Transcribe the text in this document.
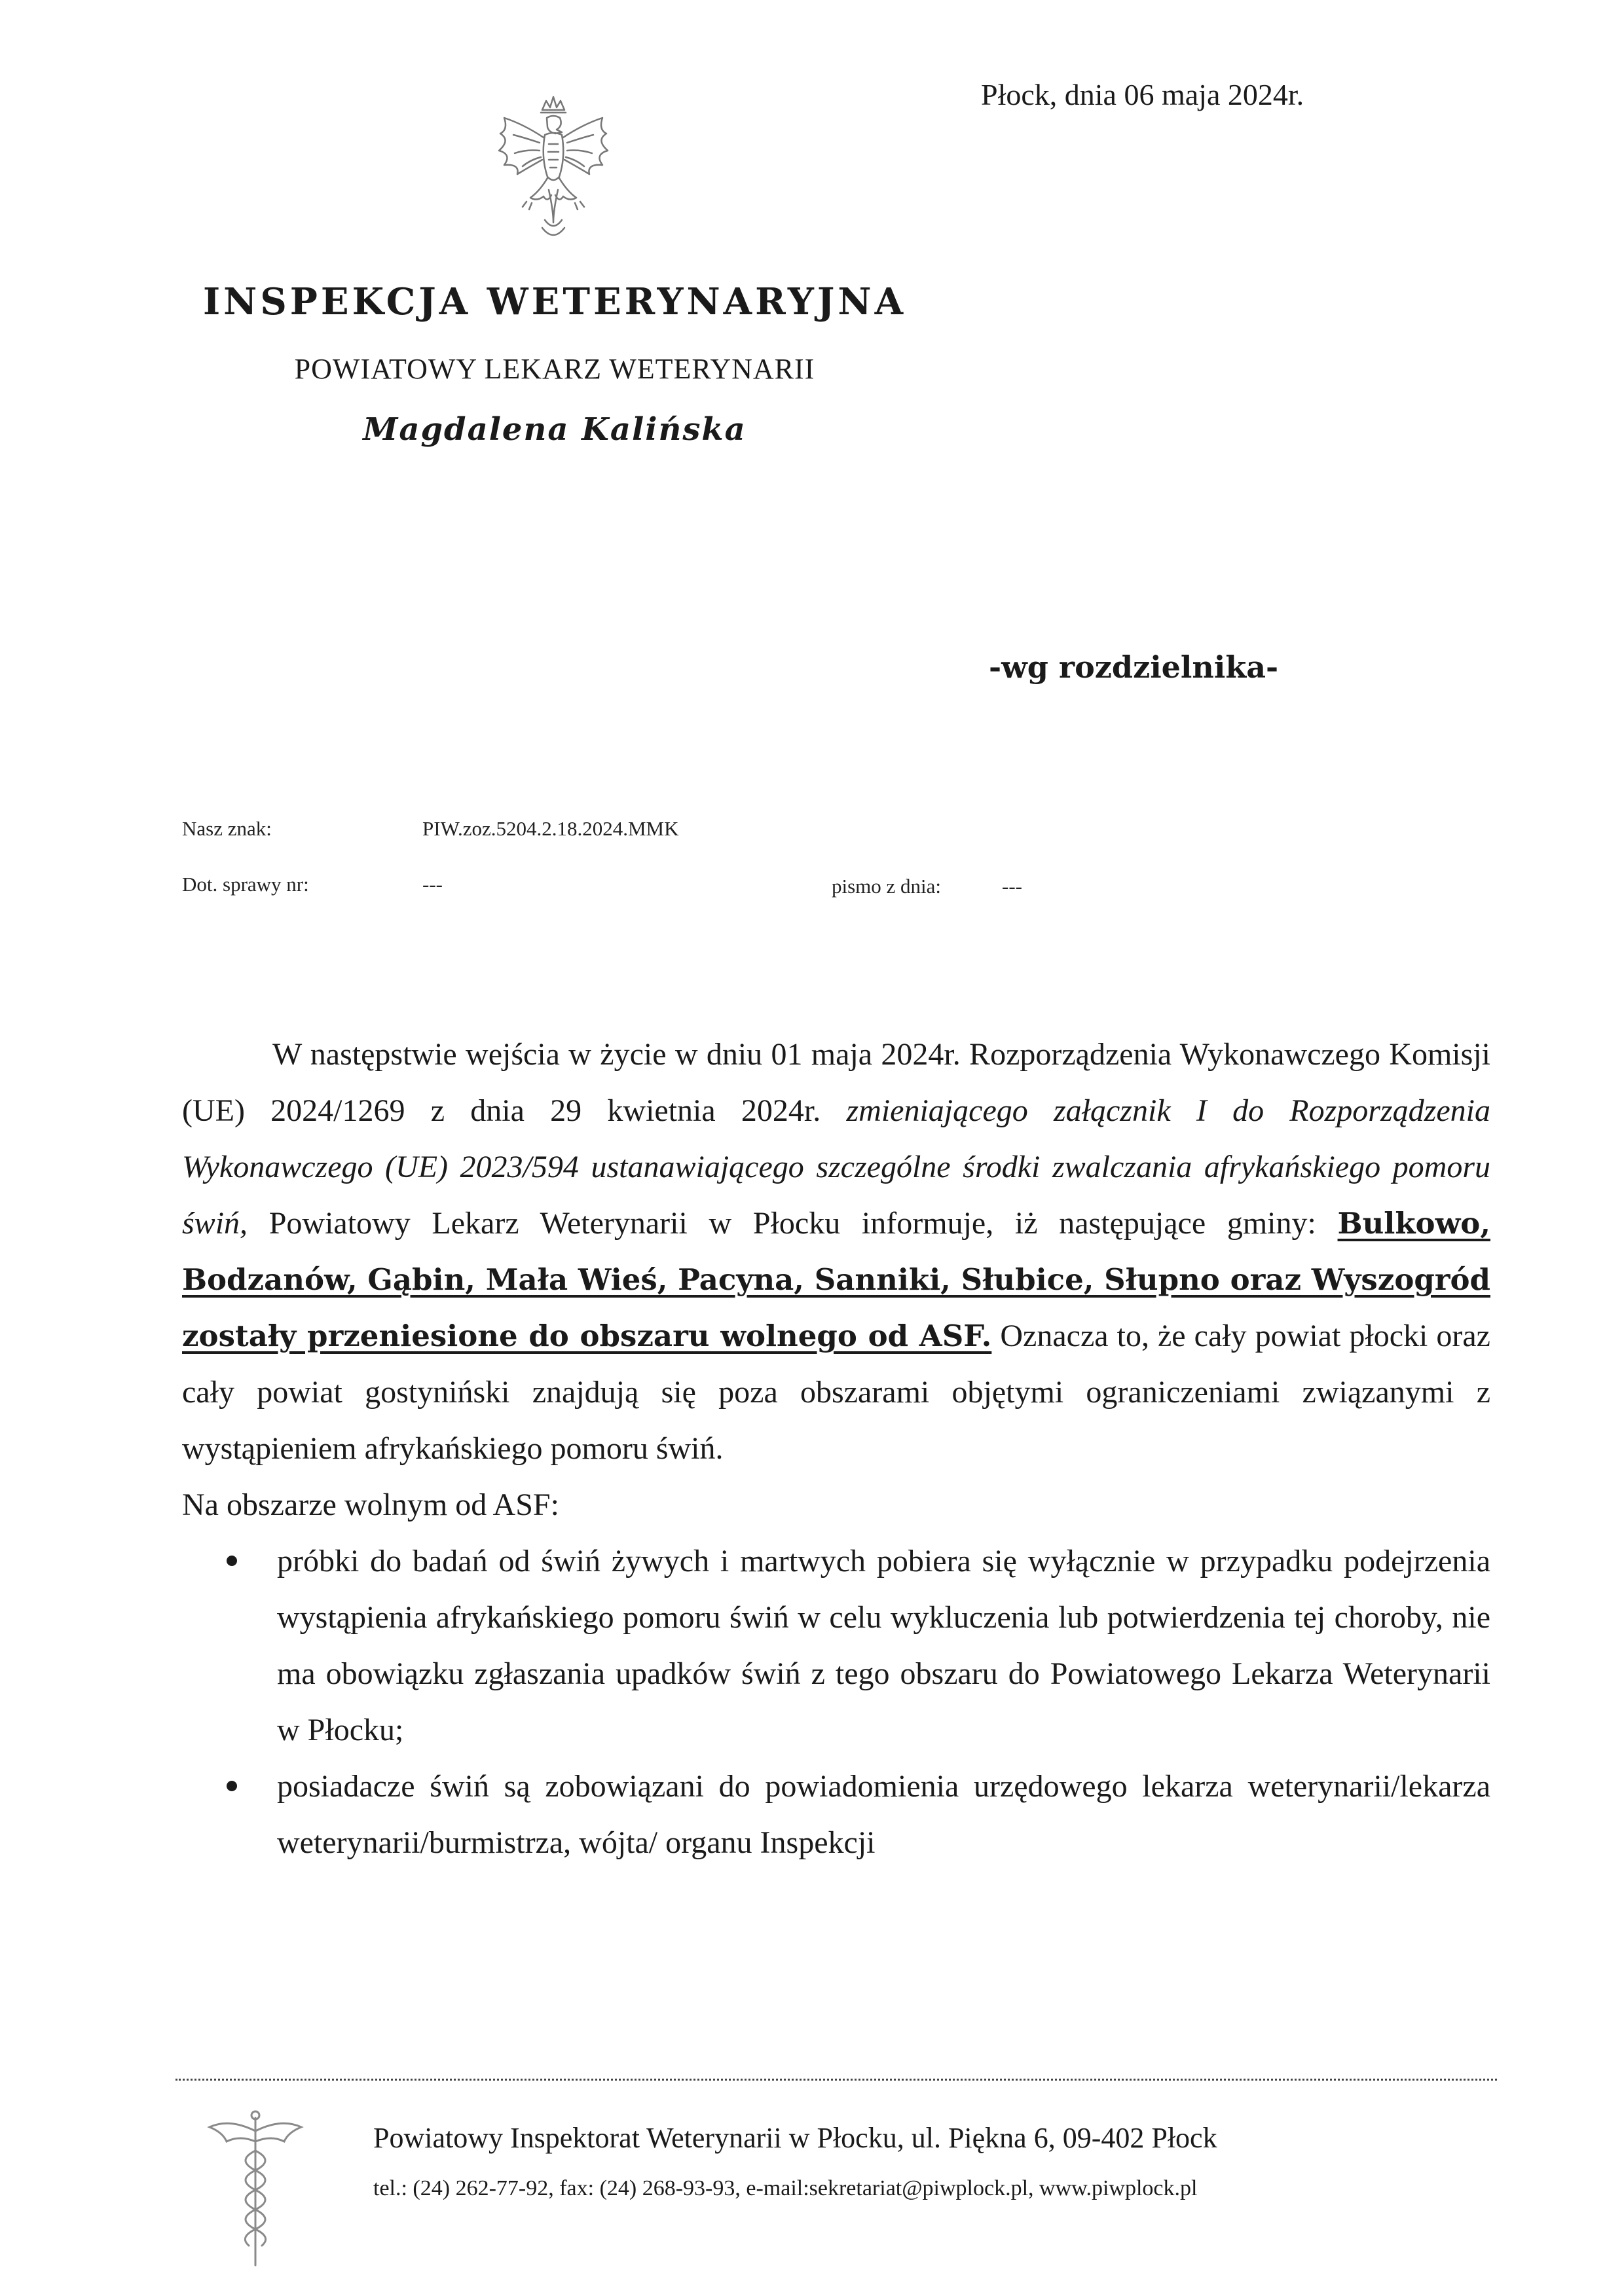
Płock, dnia 06 maja 2024r.
INSPEKCJA WETERYNARYJNA
POWIATOWY LEKARZ WETERYNARII
Magdalena Kalińska
-wg rozdzielnika-
Nasz znak:	PIW.zoz.5204.2.18.2024.MMK
Dot. sprawy nr:	---	pismo z dnia:	---

W następstwie wejścia w życie w dniu 01 maja 2024r. Rozporządzenia Wykonawczego Komisji (UE) 2024/1269 z dnia 29 kwietnia 2024r. zmieniającego załącznik I do Rozporządzenia Wykonawczego (UE) 2023/594 ustanawiającego szczególne środki zwalczania afrykańskiego pomoru świń, Powiatowy Lekarz Weterynarii w Płocku informuje, iż następujące gminy: Bulkowo, Bodzanów, Gąbin, Mała Wieś, Pacyna, Sanniki, Słubice, Słupno oraz Wyszogród zostały przeniesione do obszaru wolnego od ASF. Oznacza to, że cały powiat płocki oraz cały powiat gostyniński znajdują się poza obszarami objętymi ograniczeniami związanymi z wystąpieniem afrykańskiego pomoru świń.

Na obszarze wolnym od ASF:

próbki do badań od świń żywych i martwych pobiera się wyłącznie w przypadku podejrzenia wystąpienia afrykańskiego pomoru świń w celu wykluczenia lub potwierdzenia tej choroby, nie ma obowiązku zgłaszania upadków świń z tego obszaru do Powiatowego Lekarza Weterynarii w Płocku;
posiadacze świń są zobowiązani do powiadomienia urzędowego lekarza weterynarii/lekarza weterynarii/burmistrza, wójta/ organu Inspekcji
Powiatowy Inspektorat Weterynarii w Płocku, ul. Piękna 6, 09-402 Płock
tel.: (24) 262-77-92, fax: (24) 268-93-93, e-mail:sekretariat@piwplock.pl, www.piwplock.pl
